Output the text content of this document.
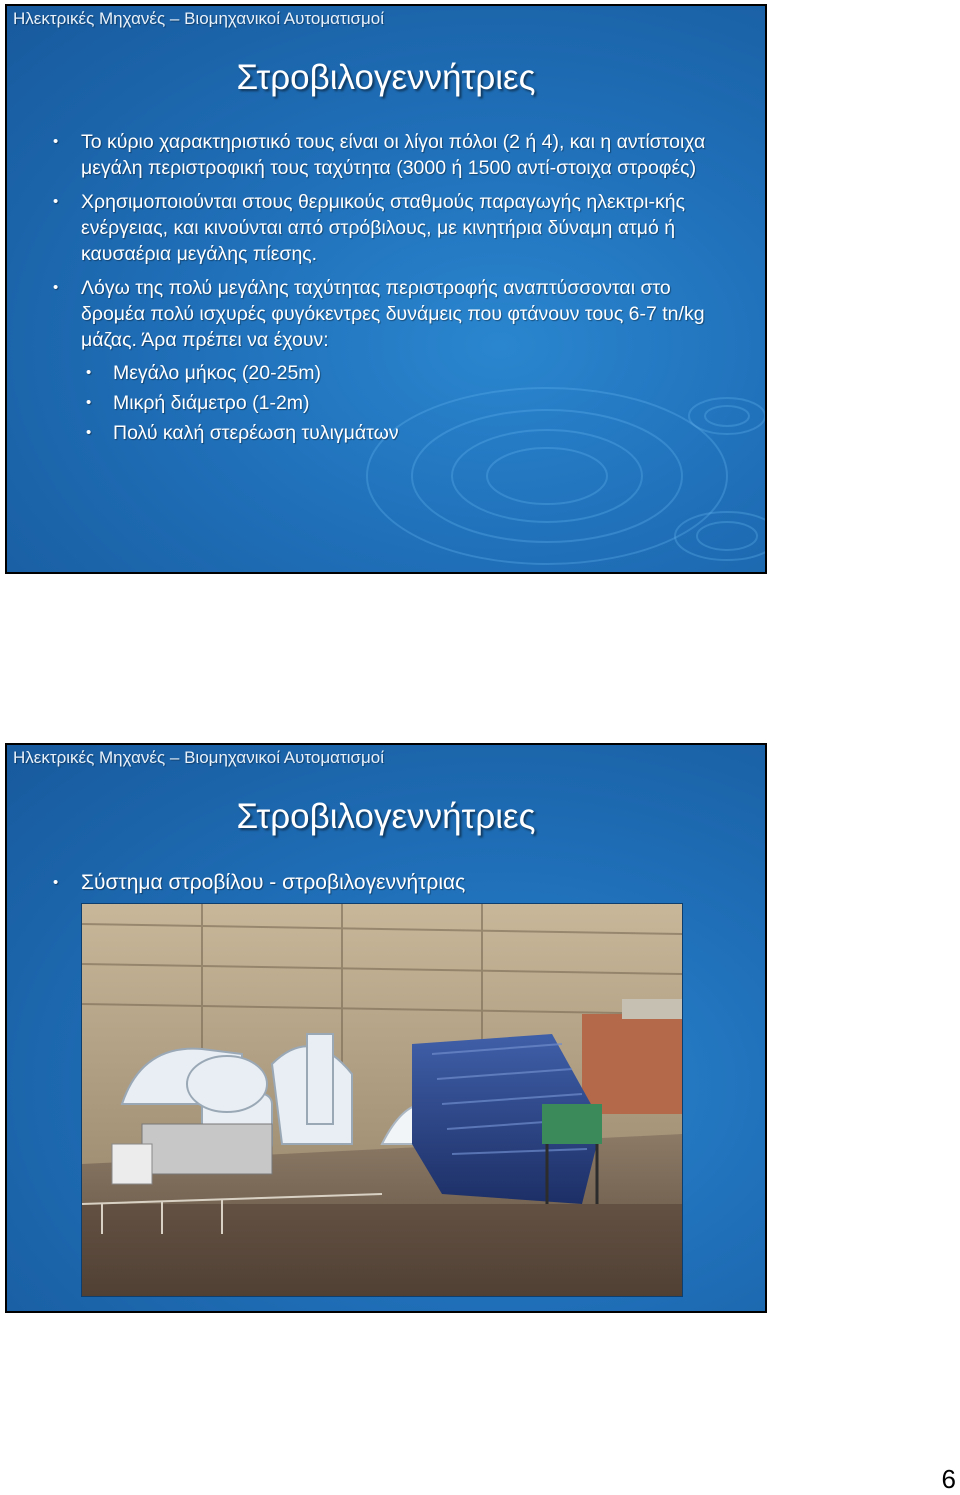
Ηλεκτρικές Μηχανές – Βιομηχανικοί Αυτοματισμοί
Στροβιλογεννήτριες
• Το κύριο χαρακτηριστικό τους είναι οι λίγοι πόλοι (2 ή 4), και η αντίστοιχα μεγάλη περιστροφική τους ταχύτητα (3000 ή 1500 αντί-στοιχα στροφές)
• Χρησιμοποιούνται στους θερμικούς σταθμούς παραγωγής ηλεκτρι-κής ενέργειας, και κινούνται από στρόβιλους, με κινητήρια δύναμη ατμό ή καυσαέρια μεγάλης πίεσης.
• Λόγω της πολύ μεγάλης ταχύτητας περιστροφής αναπτύσσονται στο δρομέα πολύ ισχυρές φυγόκεντρες δυνάμεις που φτάνουν τους 6-7 tn/kg μάζας. Άρα πρέπει να έχουν:
• Μεγάλο μήκος (20-25m)
• Μικρή διάμετρο (1-2m)
• Πολύ καλή στερέωση τυλιγμάτων
Ηλεκτρικές Μηχανές – Βιομηχανικοί Αυτοματισμοί
Στροβιλογεννήτριες
• Σύστημα στροβίλου - στροβιλογεννήτριας
6
